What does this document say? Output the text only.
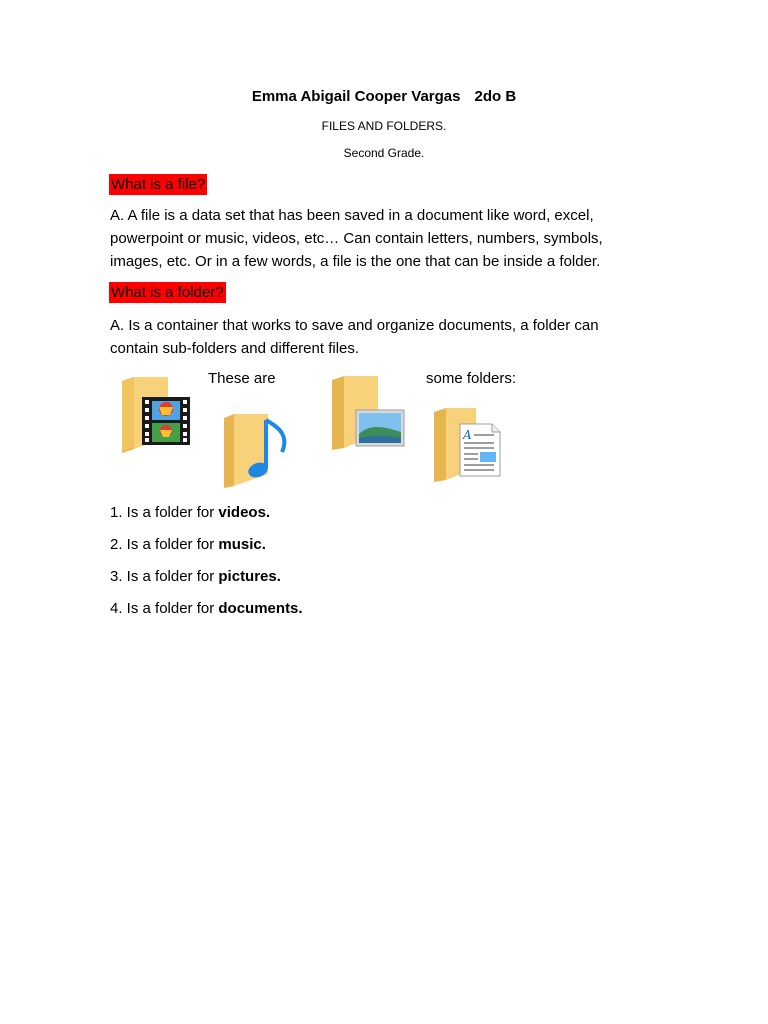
Emma Abigail Cooper Vargas 2do B
FILES AND FOLDERS.
Second Grade.
What is a file?
A. A file is a data set that has been saved in a document like word, excel,
powerpoint or music, videos, etc… Can contain letters, numbers, symbols,
images, etc. Or in a few words, a file is the one that can be inside a folder.
What is a folder?
A. Is a container that works to save and organize documents, a folder can
contain sub-folders and different files.
These are	some folders:
A
1. Is a folder for videos.
2. Is a folder for music.
3. Is a folder for pictures.
4. Is a folder for documents.
